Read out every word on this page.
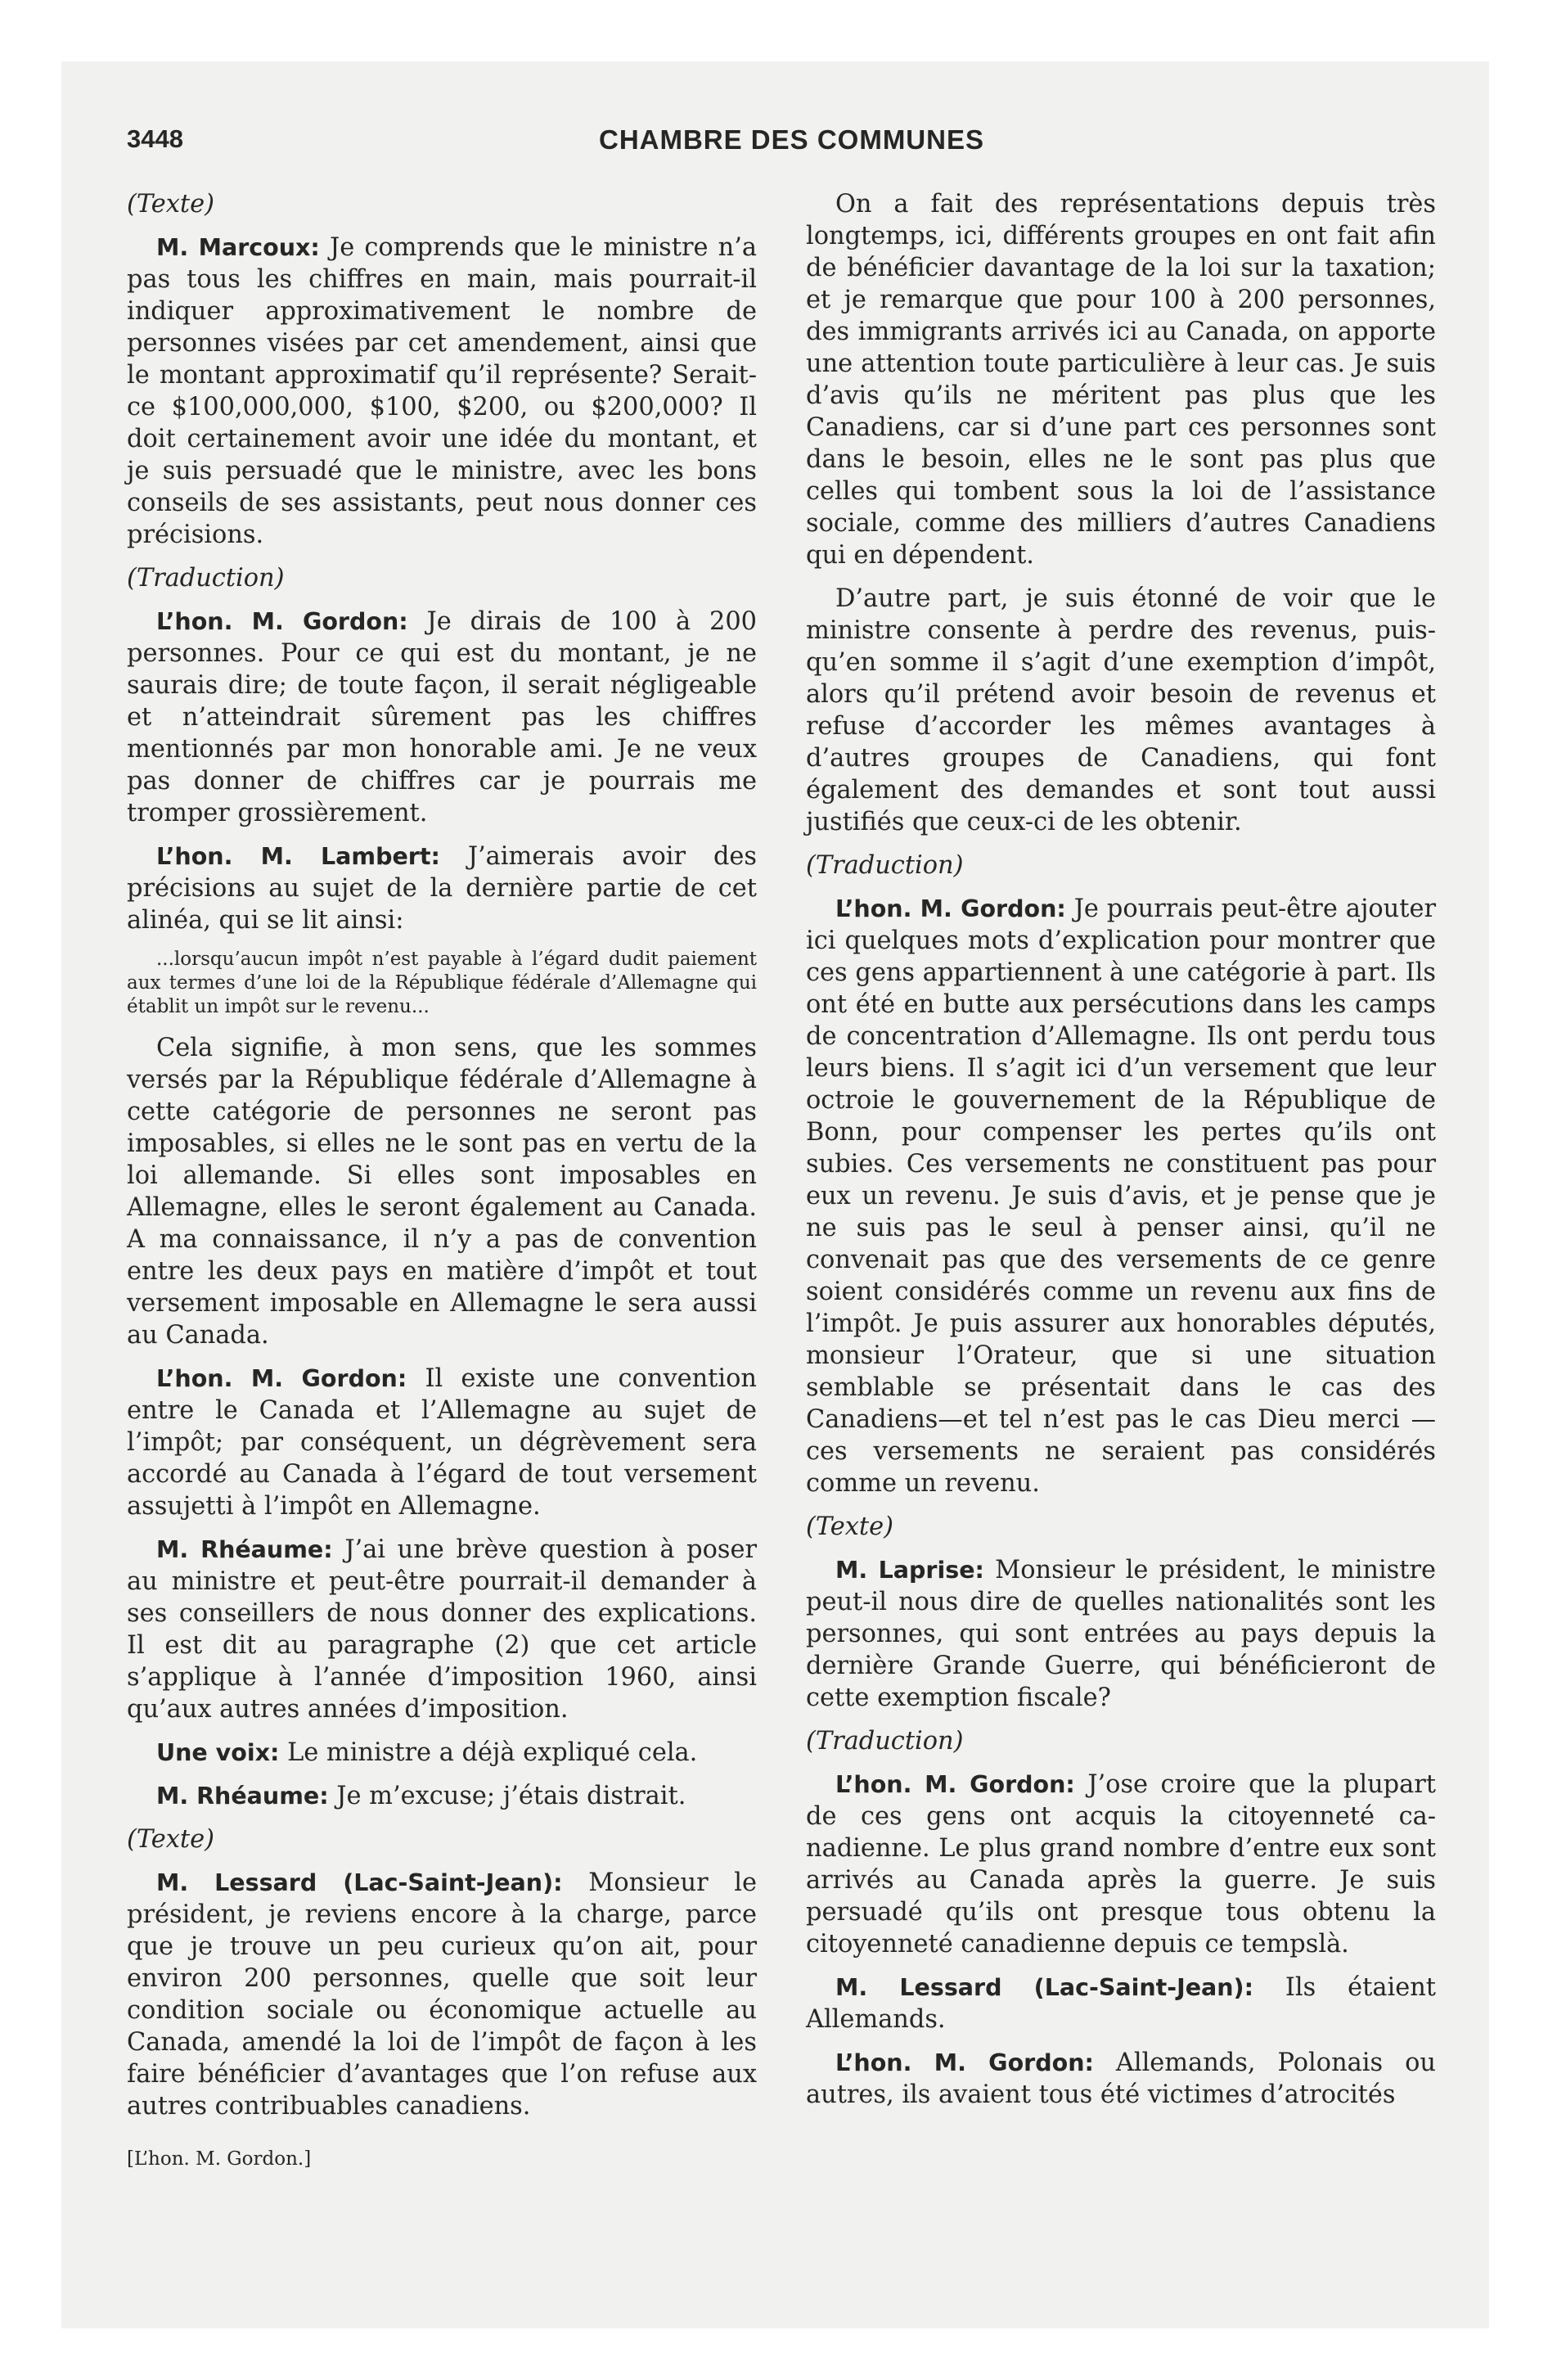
3448	CHAMBRE DES COMMUNES

(Texte)

M. Marcoux: Je comprends que le ministre n’a pas tous les chiffres en main, mais pourrait-il indiquer approximativement le nombre de personnes visées par cet amendement, ainsi que le montant approximatif qu’il représente? Serait-ce $100,000,000, $100, $200, ou $200,000? Il doit certainement avoir une idée du montant, et je suis persuadé que le ministre, avec les bons conseils de ses assistants, peut nous donner ces précisions.

(Traduction)

L’hon. M. Gordon: Je dirais de 100 à 200 personnes. Pour ce qui est du montant, je ne saurais dire; de toute façon, il serait négligeable et n’atteindrait sûrement pas les chiffres mentionnés par mon honorable ami. Je ne veux pas donner de chiffres car je pourrais me tromper grossièrement.

L’hon. M. Lambert: J’aimerais avoir des précisions au sujet de la dernière partie de cet alinéa, qui se lit ainsi:

...lorsqu’aucun impôt n’est payable à l’égard dudit paiement aux termes d’une loi de la République fédérale d’Allemagne qui établit un impôt sur le revenu...

Cela signifie, à mon sens, que les sommes versés par la République fédérale d’Allemagne à cette catégorie de personnes ne seront pas imposables, si elles ne le sont pas en vertu de la loi allemande. Si elles sont imposables en Allemagne, elles le seront également au Canada. A ma connaissance, il n’y a pas de convention entre les deux pays en matière d’impôt et tout versement imposable en Allemagne le sera aussi au Canada.

L’hon. M. Gordon: Il existe une convention entre le Canada et l’Allemagne au sujet de l’impôt; par conséquent, un dégrèvement sera accordé au Canada à l’égard de tout versement assujetti à l’impôt en Allemagne.

M. Rhéaume: J’ai une brève question à poser au ministre et peut-être pourrait-il demander à ses conseillers de nous donner des explications. Il est dit au paragraphe (2) que cet article s’applique à l’année d’imposition 1960, ainsi qu’aux autres années d’imposition.

Une voix: Le ministre a déjà expliqué cela.

M. Rhéaume: Je m’excuse; j’étais distrait.

(Texte)

M. Lessard (Lac-Saint-Jean): Monsieur le président, je reviens encore à la charge, parce que je trouve un peu curieux qu’on ait, pour environ 200 personnes, quelle que soit leur condition sociale ou économique actuelle au Canada, amendé la loi de l’impôt de façon à les faire bénéficier d’avantages que l’on refuse aux autres contribuables canadiens.

[L’hon. M. Gordon.]

On a fait des représentations depuis très longtemps, ici, différents groupes en ont fait afin de bénéficier davantage de la loi sur la taxation; et je remarque que pour 100 à 200 personnes, des immigrants arrivés ici au Canada, on apporte une attention toute particulière à leur cas. Je suis d’avis qu’ils ne méritent pas plus que les Canadiens, car si d’une part ces personnes sont dans le besoin, elles ne le sont pas plus que celles qui tombent sous la loi de l’assistance sociale, comme des milliers d’autres Canadiens qui en dépendent.

D’autre part, je suis étonné de voir que le ministre consente à perdre des revenus, puisqu’en somme il s’agit d’une exemption d’impôt, alors qu’il prétend avoir besoin de revenus et refuse d’accorder les mêmes avantages à d’autres groupes de Canadiens, qui font également des demandes et sont tout aussi justifiés que ceux-ci de les obtenir.

(Traduction)

L’hon. M. Gordon: Je pourrais peut-être ajouter ici quelques mots d’explication pour montrer que ces gens appartiennent à une catégorie à part. Ils ont été en butte aux persécutions dans les camps de concentration d’Allemagne. Ils ont perdu tous leurs biens. Il s’agit ici d’un versement que leur octroie le gouvernement de la République de Bonn, pour compenser les pertes qu’ils ont subies. Ces versements ne constituent pas pour eux un revenu. Je suis d’avis, et je pense que je ne suis pas le seul à penser ainsi, qu’il ne convenait pas que des versements de ce genre soient considérés comme un revenu aux fins de l’impôt. Je puis assurer aux honorables députés, monsieur l’Orateur, que si une situation semblable se présentait dans le cas des Canadiens—et tel n’est pas le cas Dieu merci —ces versements ne seraient pas considérés comme un revenu.

(Texte)

M. Laprise: Monsieur le président, le ministre peut-il nous dire de quelles nationalités sont les personnes, qui sont entrées au pays depuis la dernière Grande Guerre, qui bénéficieront de cette exemption fiscale?

(Traduction)

L’hon. M. Gordon: J’ose croire que la plupart de ces gens ont acquis la citoyenneté canadienne. Le plus grand nombre d’entre eux sont arrivés au Canada après la guerre. Je suis persuadé qu’ils ont presque tous obtenu la citoyenneté canadienne depuis ce tempslà.

M. Lessard (Lac-Saint-Jean): Ils étaient Allemands.

L’hon. M. Gordon: Allemands, Polonais ou autres, ils avaient tous été victimes d’atrocités
